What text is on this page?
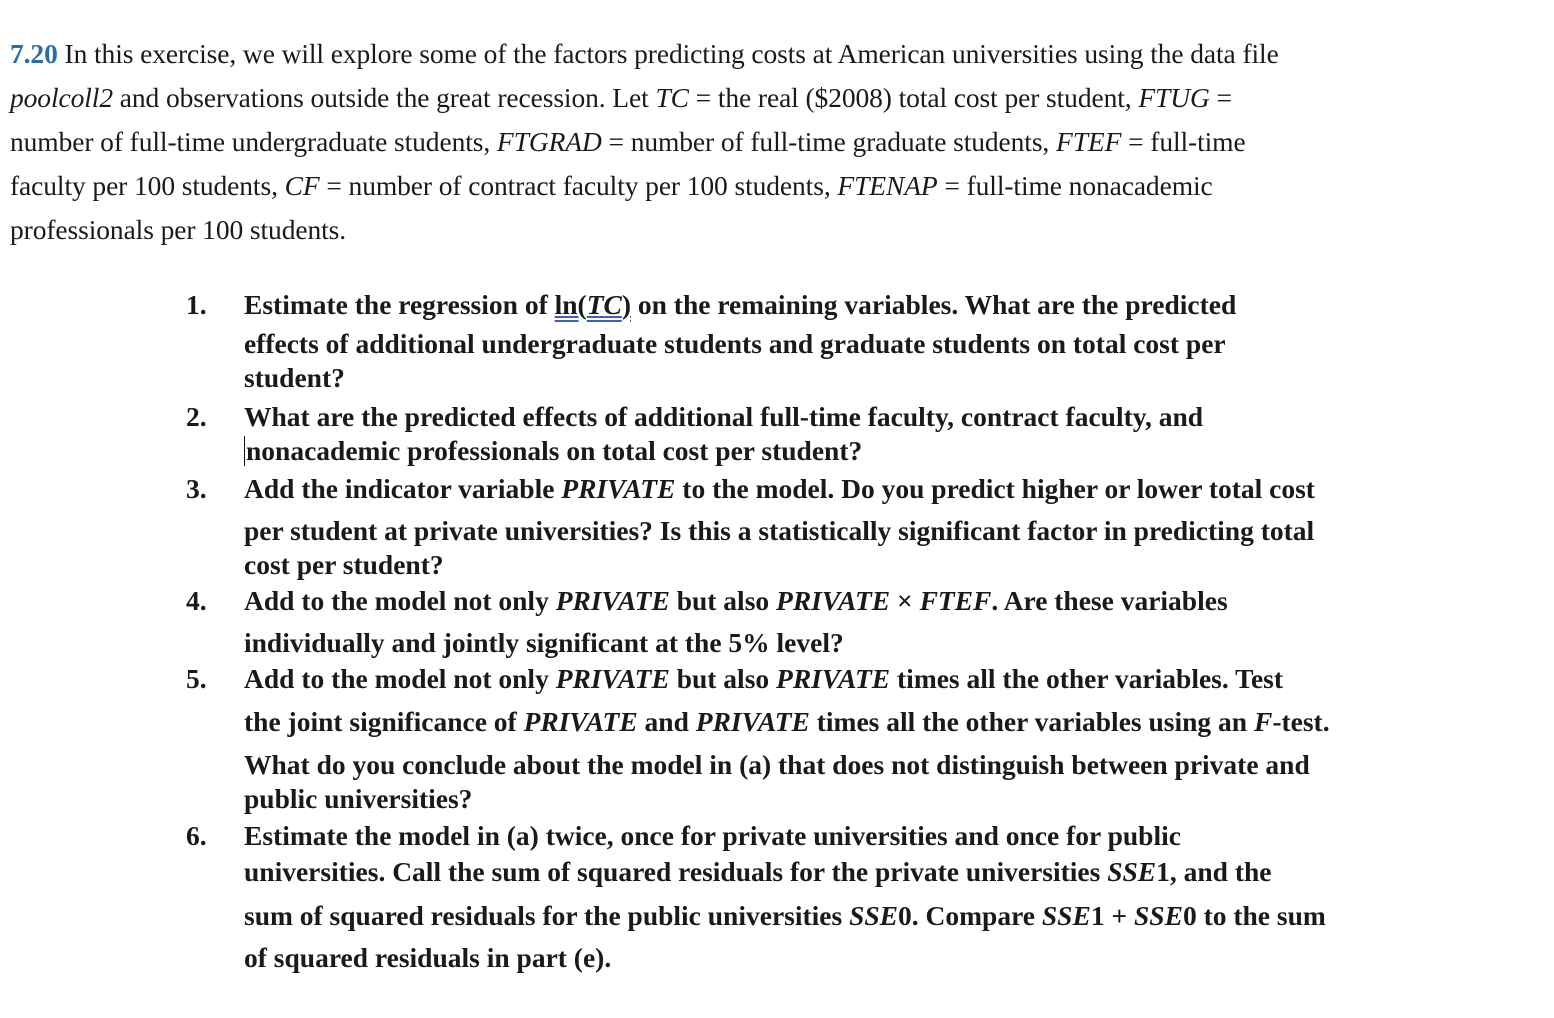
7.20 In this exercise, we will explore some of the factors predicting costs at American universities using the data file
poolcoll2 and observations outside the great recession. Let TC = the real ($2008) total cost per student, FTUG =
number of full-time undergraduate students, FTGRAD = number of full-time graduate students, FTEF = full-time
faculty per 100 students, CF = number of contract faculty per 100 students, FTENAP = full-time nonacademic
professionals per 100 students.
1.	Estimate the regression of ln(TC) on the remaining variables. What are the predicted
effects of additional undergraduate students and graduate students on total cost per
student?
2.	What are the predicted effects of additional full-time faculty, contract faculty, and
nonacademic professionals on total cost per student?
3.	Add the indicator variable PRIVATE to the model. Do you predict higher or lower total cost
per student at private universities? Is this a statistically significant factor in predicting total
cost per student?
4.	Add to the model not only PRIVATE but also PRIVATE × FTEF. Are these variables
individually and jointly significant at the 5% level?
5.	Add to the model not only PRIVATE but also PRIVATE times all the other variables. Test
the joint significance of PRIVATE and PRIVATE times all the other variables using an F-test.
What do you conclude about the model in (a) that does not distinguish between private and
public universities?
6.	Estimate the model in (a) twice, once for private universities and once for public
universities. Call the sum of squared residuals for the private universities SSE1, and the
sum of squared residuals for the public universities SSE0. Compare SSE1 + SSE0 to the sum
of squared residuals in part (e).
